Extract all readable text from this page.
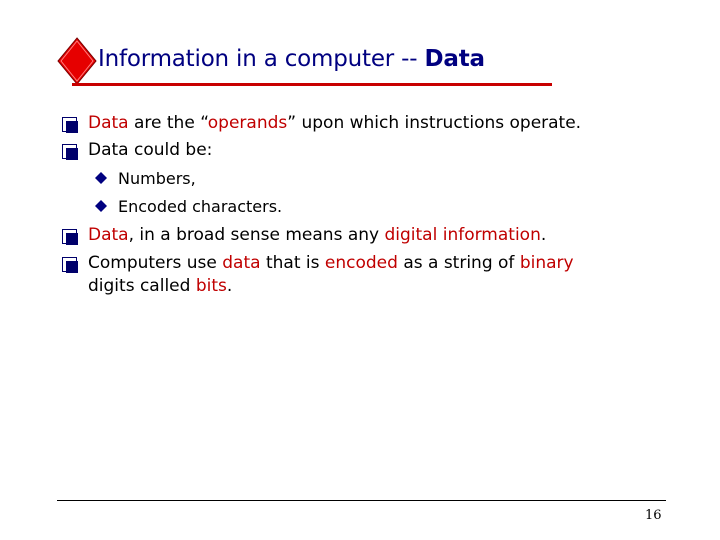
Information in a computer -- Data
Data are the “operands” upon which instructions operate.
Data could be:
Numbers,
Encoded characters.
Data, in a broad sense means any digital information.
Computers use data that is encoded as a string of binary
digits called bits.
16
